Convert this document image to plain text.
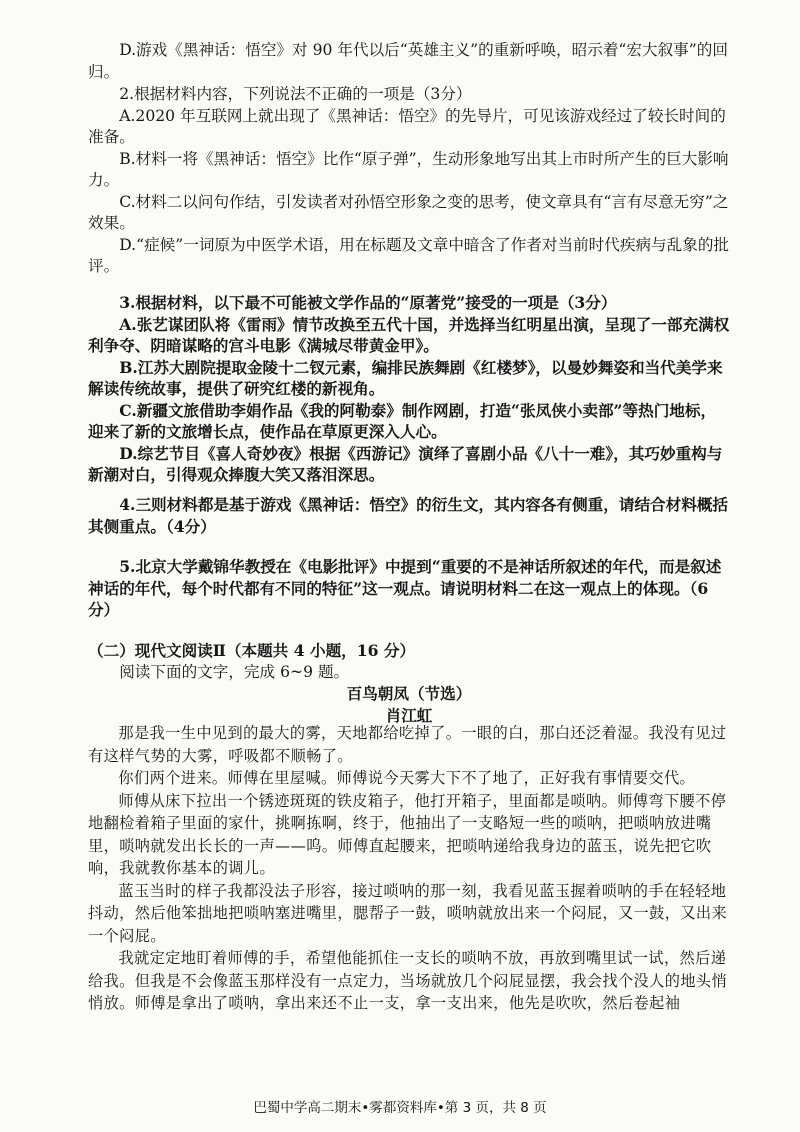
D.游戏《黑神话：悟空》对 90 年代以后“英雄主义”的重新呼唤，昭示着“宏大叙事”的回归。

2.根据材料内容，下列说法不正确的一项是（3分）

A.2020 年互联网上就出现了《黑神话：悟空》的先导片，可见该游戏经过了较长时间的准备。

B.材料一将《黑神话：悟空》比作“原子弹”，生动形象地写出其上市时所产生的巨大影响力。

C.材料二以问句作结，引发读者对孙悟空形象之变的思考，使文章具有“言有尽意无穷”之效果。

D.“症候”一词原为中医学术语，用在标题及文章中暗含了作者对当前时代疾病与乱象的批评。

3.根据材料，以下最不可能被文学作品的“原著党”接受的一项是（3分）

A.张艺谋团队将《雷雨》情节改换至五代十国，并选择当红明星出演，呈现了一部充满权利争夺、阴暗谋略的宫斗电影《满城尽带黄金甲》。

B.江苏大剧院提取金陵十二钗元素，编排民族舞剧《红楼梦》，以曼妙舞姿和当代美学来解读传统故事，提供了研究红楼的新视角。

C.新疆文旅借助李娟作品《我的阿勒泰》制作网剧，打造“张凤侠小卖部”等热门地标，迎来了新的文旅增长点，使作品在草原更深入人心。

D.综艺节目《喜人奇妙夜》根据《西游记》演绎了喜剧小品《八十一难》，其巧妙重构与新潮对白，引得观众捧腹大笑又落泪深思。

4.三则材料都是基于游戏《黑神话：悟空》的衍生文，其内容各有侧重，请结合材料概括其侧重点。（4分）

5.北京大学戴锦华教授在《电影批评》中提到“重要的不是神话所叙述的年代，而是叙述神话的年代，每个时代都有不同的特征”这一观点。请说明材料二在这一观点上的体现。（6分）

（二）现代文阅读Ⅱ（本题共 4 小题，16 分）

阅读下面的文字，完成 6~9 题。

百鸟朝凤（节选）

肖江虹

那是我一生中见到的最大的雾，天地都给吃掉了。一眼的白，那白还泛着湿。我没有见过有这样气势的大雾，呼吸都不顺畅了。

你们两个进来。师傅在里屋喊。师傅说今天雾大下不了地了，正好我有事情要交代。

师傅从床下拉出一个锈迹斑斑的铁皮箱子，他打开箱子，里面都是唢呐。师傅弯下腰不停地翻检着箱子里面的家什，挑啊拣啊，终于，他抽出了一支略短一些的唢呐，把唢呐放进嘴里，唢呐就发出长长的一声——呜。师傅直起腰来，把唢呐递给我身边的蓝玉，说先把它吹响，我就教你基本的调儿。

蓝玉当时的样子我都没法子形容，接过唢呐的那一刻，我看见蓝玉握着唢呐的手在轻轻地抖动，然后他笨拙地把唢呐塞进嘴里，腮帮子一鼓，唢呐就放出来一个闷屁，又一鼓，又出来一个闷屁。

我就定定地盯着师傅的手，希望他能抓住一支长的唢呐不放，再放到嘴里试一试，然后递给我。但我是不会像蓝玉那样没有一点定力，当场就放几个闷屁显摆，我会找个没人的地头悄悄放。师傅是拿出了唢呐，拿出来还不止一支，拿一支出来，他先是吹吹，然后卷起袖

巴蜀中学高二期末•雾都资料库•第 3 页，共 8 页
